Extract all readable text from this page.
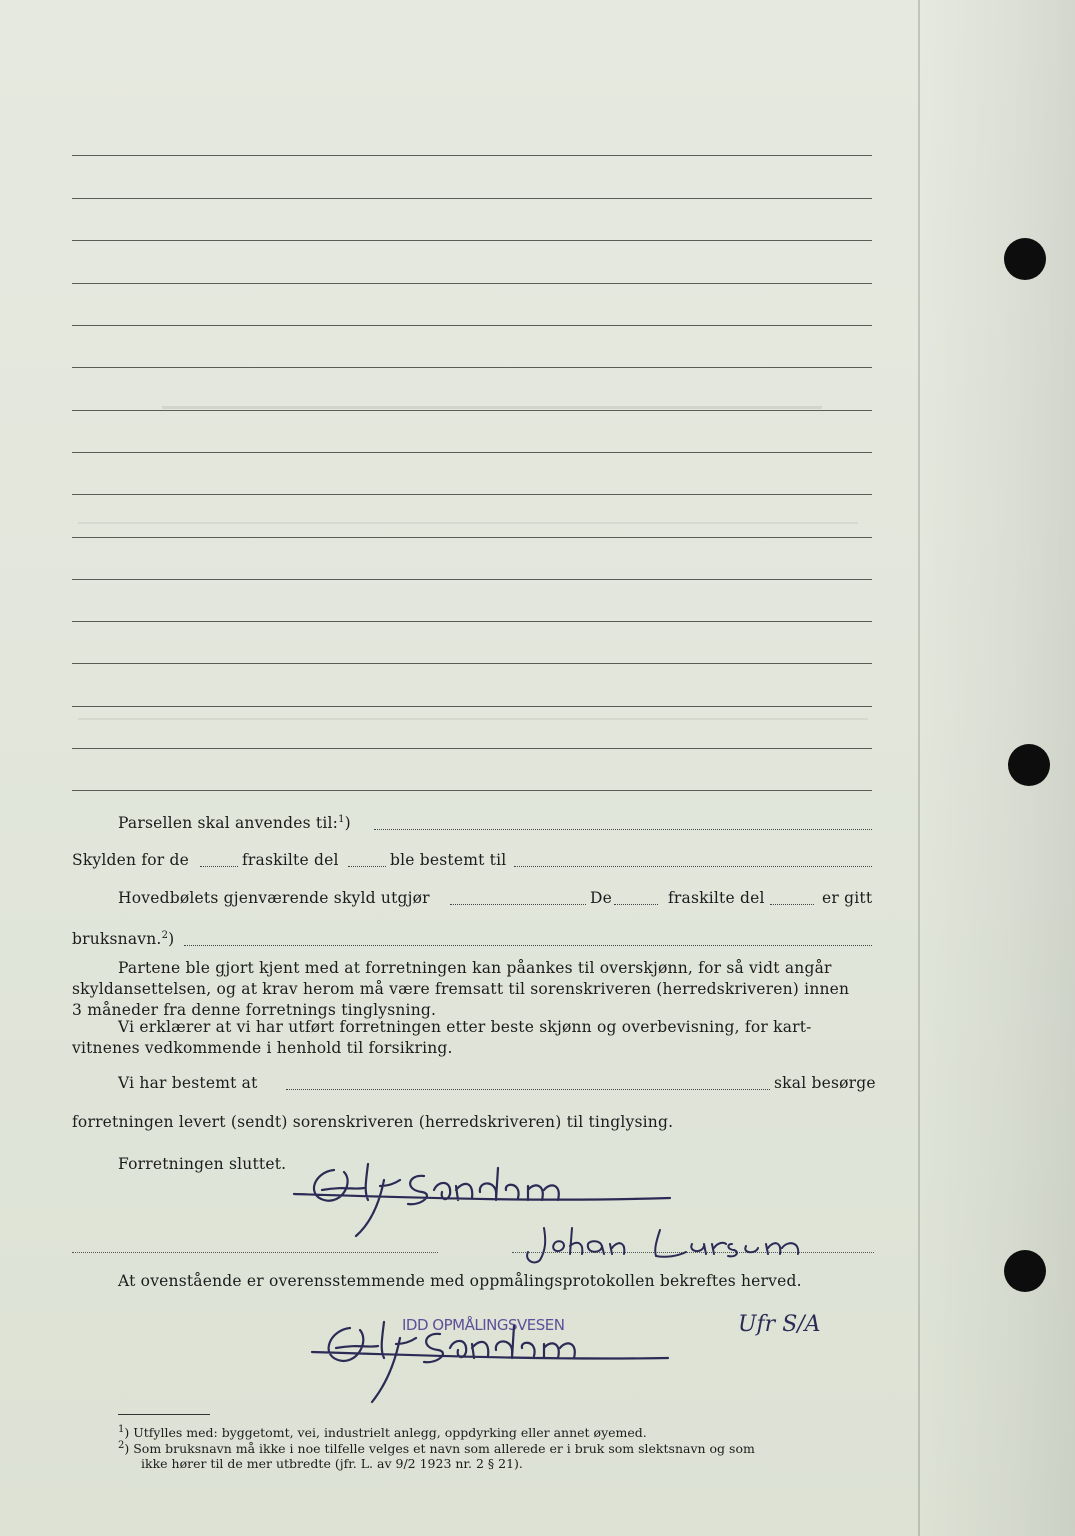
Parsellen skal anvendes til:$^1$)
Skylden for de	fraskilte del	ble bestemt til
Hovedbølets gjenværende skyld utgjør	De	fraskilte del	er gitt
bruksnavn.$^2$)
Partene ble gjort kjent med at forretningen kan påankes til overskjønn, for så vidt angår
skyldansettelsen, og at krav herom må være fremsatt til sorenskriveren (herredskriveren) innen
3 måneder fra denne forretnings tinglysning.
Vi erklærer at vi har utført forretningen etter beste skjønn og overbevisning, for kart-
vitnenes vedkommende i henhold til forsikring.
Vi har bestemt at	skal besørge
forretningen levert (sendt) sorenskriveren (herredskriveren) til tinglysing.
Forretningen sluttet.
At ovenstående er overensstemmende med oppmålingsprotokollen bekreftes herved.
IDD OPMÅLINGSVESEN	Ufr S/A
$^1$) Utfylles med: byggetomt, vei, industrielt anlegg, oppdyrking eller annet øyemed.
$^2$) Som bruksnavn må ikke i noe tilfelle velges et navn som allerede er i bruk som slektsnavn og som
ikke hører til de mer utbredte (jfr. L. av 9/2 1923 nr. 2 § 21).
